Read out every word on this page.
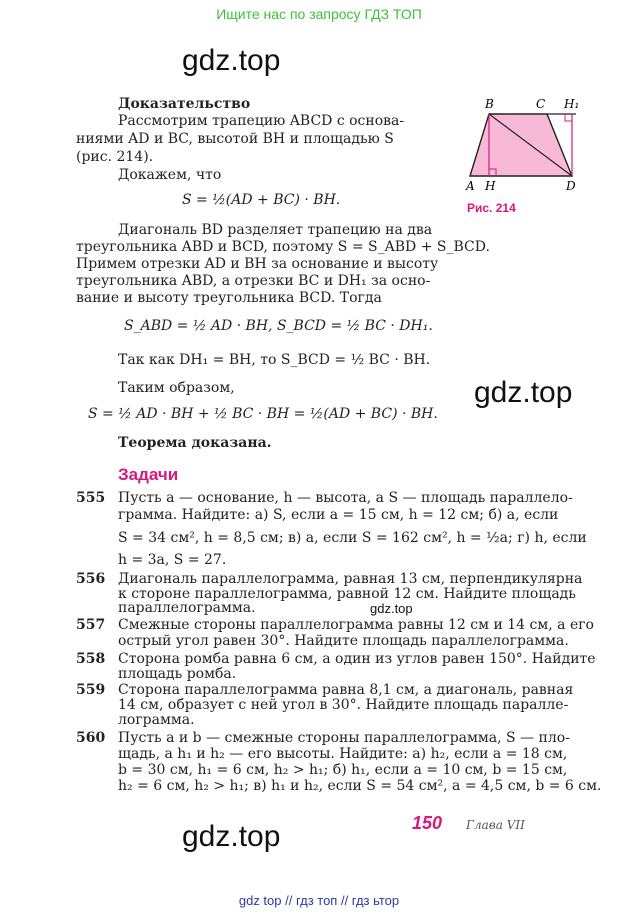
Ищите нас по запросу ГДЗ ТОП
gdz.top
gdz.top
gdz.top
gdz.top
Доказательство
Рассмотрим трапецию ABCD с основа-
ниями AD и BC, высотой BH и площадью S
(рис. 214).
Докажем, что
S = ½(AD + BC) · BH.
Диагональ BD разделяет трапецию на два
треугольника ABD и BCD, поэтому S = S_ABD + S_BCD.
Примем отрезки AD и BH за основание и высоту
треугольника ABD, а отрезки BC и DH₁ за осно-
вание и высоту треугольника BCD. Тогда
S_ABD = ½ AD · BH, S_BCD = ½ BC · DH₁.
Так как DH₁ = BH, то S_BCD = ½ BC · BH.
Таким образом,
S = ½ AD · BH + ½ BC · BH = ½(AD + BC) · BH.
Теорема доказана.
B	C H₁
A H	D
Рис. 214
Задачи
555 Пусть a — основание, h — высота, а S — площадь параллело-
грамма. Найдите: а) S, если a = 15 см, h = 12 см; б) a, если
S = 34 см², h = 8,5 см; в) a, если S = 162 см², h = ½a; г) h, если
h = 3a, S = 27.
556 Диагональ параллелограмма, равная 13 см, перпендикулярна
к стороне параллелограмма, равной 12 см. Найдите площадь
параллелограмма.
557 Смежные стороны параллелограмма равны 12 см и 14 см, а его
острый угол равен 30°. Найдите площадь параллелограмма.
558 Сторона ромба равна 6 см, а один из углов равен 150°. Найдите
площадь ромба.
559 Сторона параллелограмма равна 8,1 см, а диагональ, равная
14 см, образует с ней угол в 30°. Найдите площадь паралле-
лограмма.
560 Пусть a и b — смежные стороны параллелограмма, S — пло-
щадь, а h₁ и h₂ — его высоты. Найдите: а) h₂, если a = 18 см,
b = 30 см, h₁ = 6 см, h₂ > h₁; б) h₁, если a = 10 см, b = 15 см,
h₂ = 6 см, h₂ > h₁; в) h₁ и h₂, если S = 54 см², a = 4,5 см, b = 6 см.
150 Глава VII
gdz top // гдз топ // гдз ьтор
